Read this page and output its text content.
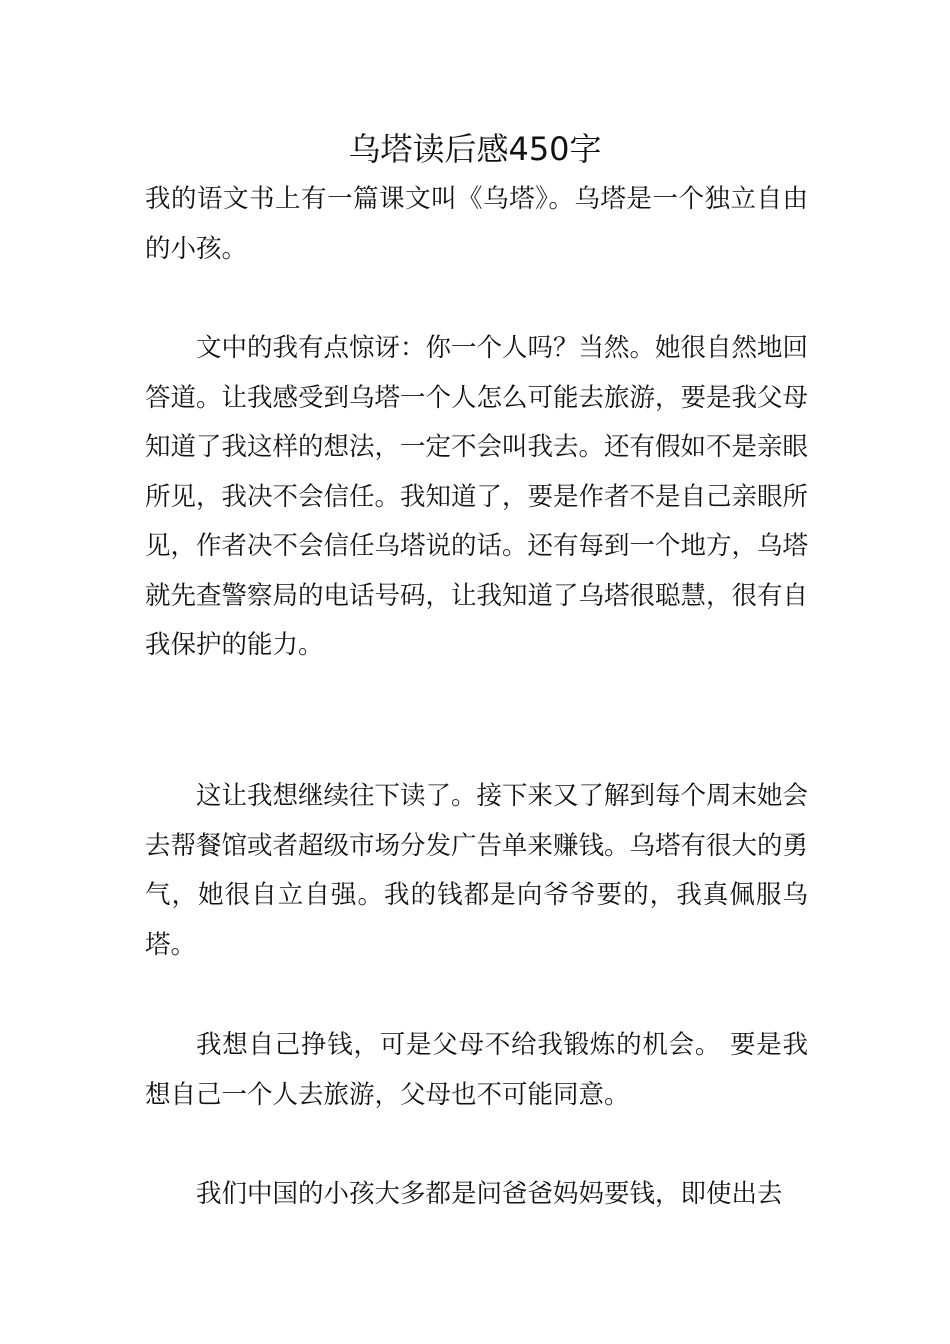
乌塔读后感450字

我的语文书上有一篇课文叫《乌塔》。乌塔是一个独立自由的小孩。

文中的我有点惊讶：你一个人吗？当然。她很自然地回答道。让我感受到乌塔一个人怎么可能去旅游，要是我父母知道了我这样的想法，一定不会叫我去。还有假如不是亲眼所见，我决不会信任。我知道了，要是作者不是自己亲眼所见，作者决不会信任乌塔说的话。还有每到一个地方，乌塔就先查警察局的电话号码，让我知道了乌塔很聪慧，很有自我保护的能力。

这让我想继续往下读了。接下来又了解到每个周末她会去帮餐馆或者超级市场分发广告单来赚钱。乌塔有很大的勇气，她很自立自强。我的钱都是向爷爷要的，我真佩服乌塔。

我想自己挣钱，可是父母不给我锻炼的机会。 要是我想自己一个人去旅游，父母也不可能同意。

我们中国的小孩大多都是问爸爸妈妈要钱，即使出去
